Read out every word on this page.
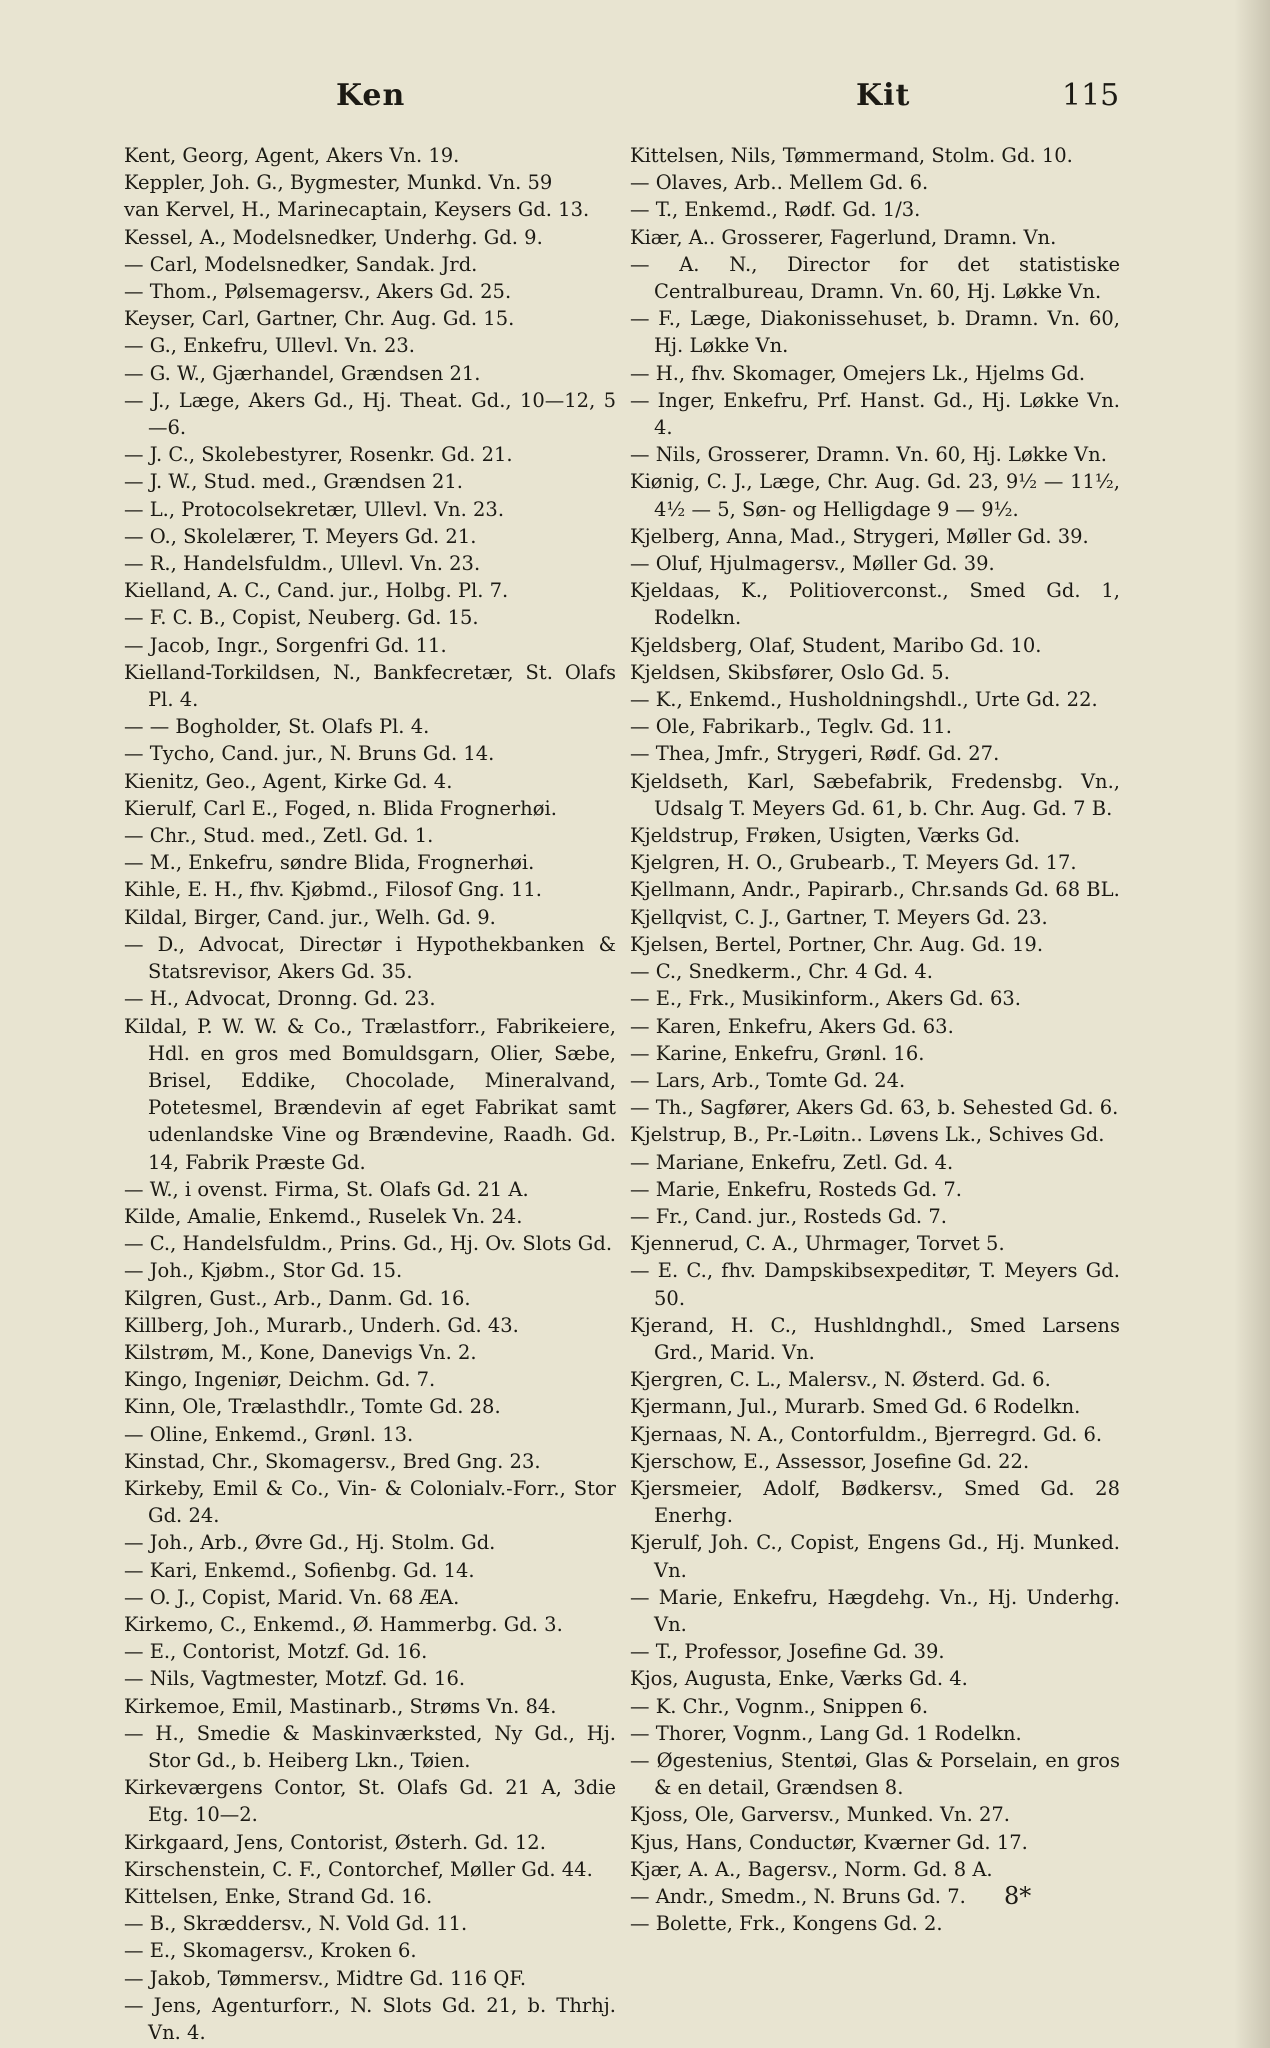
Ken	Kit	115

Kent, Georg, Agent, Akers Vn. 19.

Keppler, Joh. G., Bygmester, Munkd. Vn. 59

van Kervel, H., Marinecaptain, Keysers Gd. 13.

Kessel, A., Modelsnedker, Underhg. Gd. 9.

— Carl, Modelsnedker, Sandak. Jrd.

— Thom., Pølsemagersv., Akers Gd. 25.

Keyser, Carl, Gartner, Chr. Aug. Gd. 15.

— G., Enkefru, Ullevl. Vn. 23.

— G. W., Gjærhandel, Grændsen 21.

— J., Læge, Akers Gd., Hj. Theat. Gd., 10—12, 5—6.

— J. C., Skolebestyrer, Rosenkr. Gd. 21.

— J. W., Stud. med., Grændsen 21.

— L., Protocolsekretær, Ullevl. Vn. 23.

— O., Skolelærer, T. Meyers Gd. 21.

— R., Handelsfuldm., Ullevl. Vn. 23.

Kielland, A. C., Cand. jur., Holbg. Pl. 7.

— F. C. B., Copist, Neuberg. Gd. 15.

— Jacob, Ingr., Sorgenfri Gd. 11.

Kielland-Torkildsen, N., Bankfecretær, St. Olafs Pl. 4.

— — Bogholder, St. Olafs Pl. 4.

— Tycho, Cand. jur., N. Bruns Gd. 14.

Kienitz, Geo., Agent, Kirke Gd. 4.

Kierulf, Carl E., Foged, n. Blida Frognerhøi.

— Chr., Stud. med., Zetl. Gd. 1.

— M., Enkefru, søndre Blida, Frognerhøi.

Kihle, E. H., fhv. Kjøbmd., Filosof Gng. 11.

Kildal, Birger, Cand. jur., Welh. Gd. 9.

— D., Advocat, Directør i Hypothekbanken & Statsrevisor, Akers Gd. 35.

— H., Advocat, Dronng. Gd. 23.

Kildal, P. W. W. & Co., Trælastforr., Fabrikeiere, Hdl. en gros med Bomuldsgarn, Olier, Sæbe, Brisel, Eddike, Chocolade, Mineralvand, Potetesmel, Brændevin af eget Fabrikat samt udenlandske Vine og Brændevine, Raadh. Gd. 14, Fabrik Præste Gd.

— W., i ovenst. Firma, St. Olafs Gd. 21 A.

Kilde, Amalie, Enkemd., Ruselek Vn. 24.

— C., Handelsfuldm., Prins. Gd., Hj. Ov. Slots Gd.

— Joh., Kjøbm., Stor Gd. 15.

Kilgren, Gust., Arb., Danm. Gd. 16.

Killberg, Joh., Murarb., Underh. Gd. 43.

Kilstrøm, M., Kone, Danevigs Vn. 2.

Kingo, Ingeniør, Deichm. Gd. 7.

Kinn, Ole, Trælasthdlr., Tomte Gd. 28.

— Oline, Enkemd., Grønl. 13.

Kinstad, Chr., Skomagersv., Bred Gng. 23.

Kirkeby, Emil & Co., Vin- & Colonialv.-Forr., Stor Gd. 24.

— Joh., Arb., Øvre Gd., Hj. Stolm. Gd.

— Kari, Enkemd., Sofienbg. Gd. 14.

— O. J., Copist, Marid. Vn. 68 ÆA.

Kirkemo, C., Enkemd., Ø. Hammerbg. Gd. 3.

— E., Contorist, Motzf. Gd. 16.

— Nils, Vagtmester, Motzf. Gd. 16.

Kirkemoe, Emil, Mastinarb., Strøms Vn. 84.

— H., Smedie & Maskinværksted, Ny Gd., Hj. Stor Gd., b. Heiberg Lkn., Tøien.

Kirkeværgens Contor, St. Olafs Gd. 21 A, 3die Etg. 10—2.

Kirkgaard, Jens, Contorist, Østerh. Gd. 12.

Kirschenstein, C. F., Contorchef, Møller Gd. 44.

Kittelsen, Enke, Strand Gd. 16.

— B., Skræddersv., N. Vold Gd. 11.

— E., Skomagersv., Kroken 6.

— Jakob, Tømmersv., Midtre Gd. 116 QF.

— Jens, Agenturforr., N. Slots Gd. 21, b. Thrhj. Vn. 4.

Kittelsen, Nils, Tømmermand, Stolm. Gd. 10.

— Olaves, Arb.. Mellem Gd. 6.

— T., Enkemd., Rødf. Gd. 1/3.

Kiær, A.. Grosserer, Fagerlund, Dramn. Vn.

— A. N., Director for det statistiske Centralbureau, Dramn. Vn. 60, Hj. Løkke Vn.

— F., Læge, Diakonissehuset, b. Dramn. Vn. 60, Hj. Løkke Vn.

— H., fhv. Skomager, Omejers Lk., Hjelms Gd.

— Inger, Enkefru, Prf. Hanst. Gd., Hj. Løkke Vn. 4.

— Nils, Grosserer, Dramn. Vn. 60, Hj. Løkke Vn.

Kiønig, C. J., Læge, Chr. Aug. Gd. 23, 9½ — 11½, 4½ — 5, Søn- og Helligdage 9 — 9½.

Kjelberg, Anna, Mad., Strygeri, Møller Gd. 39.

— Oluf, Hjulmagersv., Møller Gd. 39.

Kjeldaas, K., Politioverconst., Smed Gd. 1, Rodelkn.

Kjeldsberg, Olaf, Student, Maribo Gd. 10.

Kjeldsen, Skibsfører, Oslo Gd. 5.

— K., Enkemd., Husholdningshdl., Urte Gd. 22.

— Ole, Fabrikarb., Teglv. Gd. 11.

— Thea, Jmfr., Strygeri, Rødf. Gd. 27.

Kjeldseth, Karl, Sæbefabrik, Fredensbg. Vn., Udsalg T. Meyers Gd. 61, b. Chr. Aug. Gd. 7 B.

Kjeldstrup, Frøken, Usigten, Værks Gd.

Kjelgren, H. O., Grubearb., T. Meyers Gd. 17.

Kjellmann, Andr., Papirarb., Chr.sands Gd. 68 BL.

Kjellqvist, C. J., Gartner, T. Meyers Gd. 23.

Kjelsen, Bertel, Portner, Chr. Aug. Gd. 19.

— C., Snedkerm., Chr. 4 Gd. 4.

— E., Frk., Musikinform., Akers Gd. 63.

— Karen, Enkefru, Akers Gd. 63.

— Karine, Enkefru, Grønl. 16.

— Lars, Arb., Tomte Gd. 24.

— Th., Sagfører, Akers Gd. 63, b. Sehested Gd. 6.

Kjelstrup, B., Pr.-Løitn.. Løvens Lk., Schives Gd.

— Mariane, Enkefru, Zetl. Gd. 4.

— Marie, Enkefru, Rosteds Gd. 7.

— Fr., Cand. jur., Rosteds Gd. 7.

Kjennerud, C. A., Uhrmager, Torvet 5.

— E. C., fhv. Dampskibsexpeditør, T. Meyers Gd. 50.

Kjerand, H. C., Hushldnghdl., Smed Larsens Grd., Marid. Vn.

Kjergren, C. L., Malersv., N. Østerd. Gd. 6.

Kjermann, Jul., Murarb. Smed Gd. 6 Rodelkn.

Kjernaas, N. A., Contorfuldm., Bjerregrd. Gd. 6.

Kjerschow, E., Assessor, Josefine Gd. 22.

Kjersmeier, Adolf, Bødkersv., Smed Gd. 28 Enerhg.

Kjerulf, Joh. C., Copist, Engens Gd., Hj. Munked. Vn.

— Marie, Enkefru, Hægdehg. Vn., Hj. Underhg. Vn.

— T., Professor, Josefine Gd. 39.

Kjos, Augusta, Enke, Værks Gd. 4.

— K. Chr., Vognm., Snippen 6.

— Thorer, Vognm., Lang Gd. 1 Rodelkn.

— Øgestenius, Stentøi, Glas & Porselain, en gros & en detail, Grændsen 8.

Kjoss, Ole, Garversv., Munked. Vn. 27.

Kjus, Hans, Conductør, Kværner Gd. 17.

Kjær, A. A., Bagersv., Norm. Gd. 8 A.

— Andr., Smedm., N. Bruns Gd. 7.

— Bolette, Frk., Kongens Gd. 2.

8*
